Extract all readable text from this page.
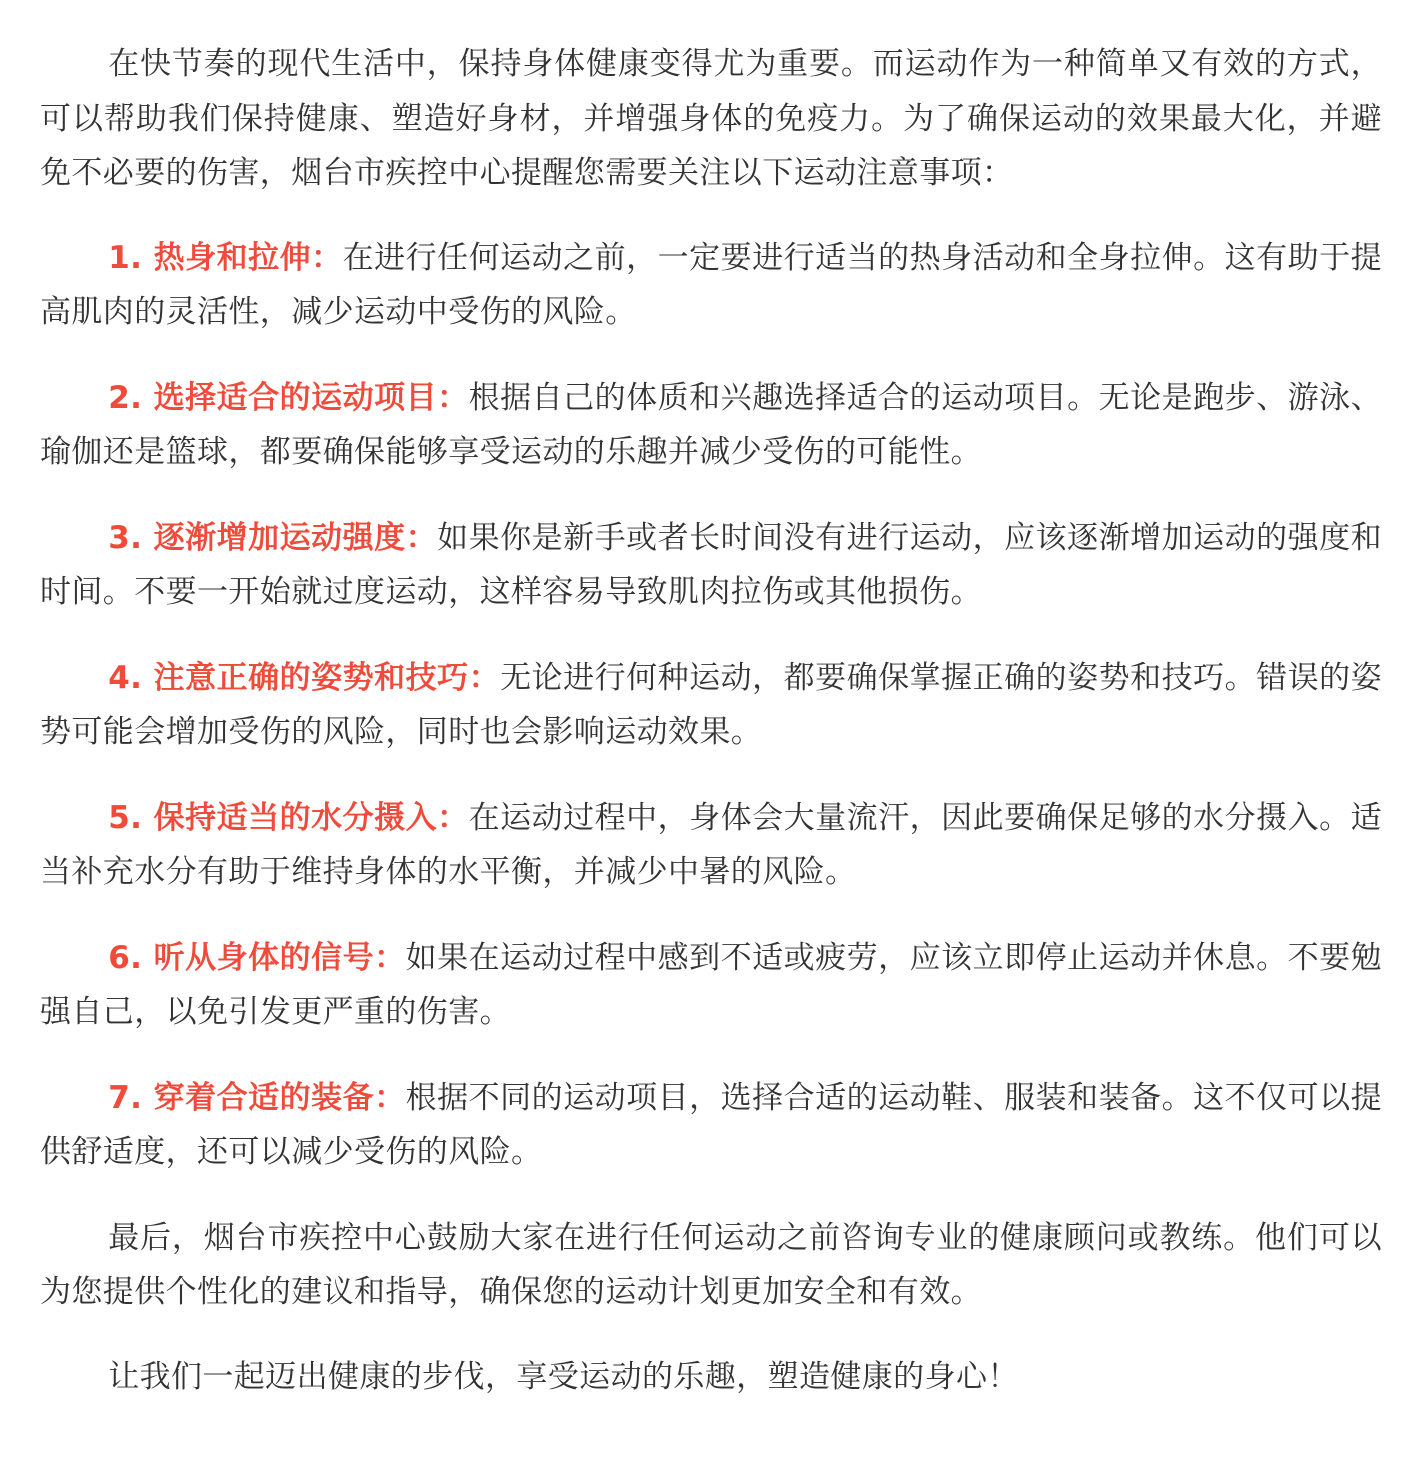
在快节奏的现代生活中，保持身体健康变得尤为重要。而运动作为一种简单又有效的方式，可以帮助我们保持健康、塑造好身材，并增强身体的免疫力。为了确保运动的效果最大化，并避免不必要的伤害，烟台市疾控中心提醒您需要关注以下运动注意事项：

1. 热身和拉伸：在进行任何运动之前，一定要进行适当的热身活动和全身拉伸。这有助于提高肌肉的灵活性，减少运动中受伤的风险。

2. 选择适合的运动项目：根据自己的体质和兴趣选择适合的运动项目。无论是跑步、游泳、瑜伽还是篮球，都要确保能够享受运动的乐趣并减少受伤的可能性。

3. 逐渐增加运动强度：如果你是新手或者长时间没有进行运动，应该逐渐增加运动的强度和时间。不要一开始就过度运动，这样容易导致肌肉拉伤或其他损伤。

4. 注意正确的姿势和技巧：无论进行何种运动，都要确保掌握正确的姿势和技巧。错误的姿势可能会增加受伤的风险，同时也会影响运动效果。

5. 保持适当的水分摄入：在运动过程中，身体会大量流汗，因此要确保足够的水分摄入。适当补充水分有助于维持身体的水平衡，并减少中暑的风险。

6. 听从身体的信号：如果在运动过程中感到不适或疲劳，应该立即停止运动并休息。不要勉强自己，以免引发更严重的伤害。

7. 穿着合适的装备：根据不同的运动项目，选择合适的运动鞋、服装和装备。这不仅可以提供舒适度，还可以减少受伤的风险。

最后，烟台市疾控中心鼓励大家在进行任何运动之前咨询专业的健康顾问或教练。他们可以为您提供个性化的建议和指导，确保您的运动计划更加安全和有效。

让我们一起迈出健康的步伐，享受运动的乐趣，塑造健康的身心！
